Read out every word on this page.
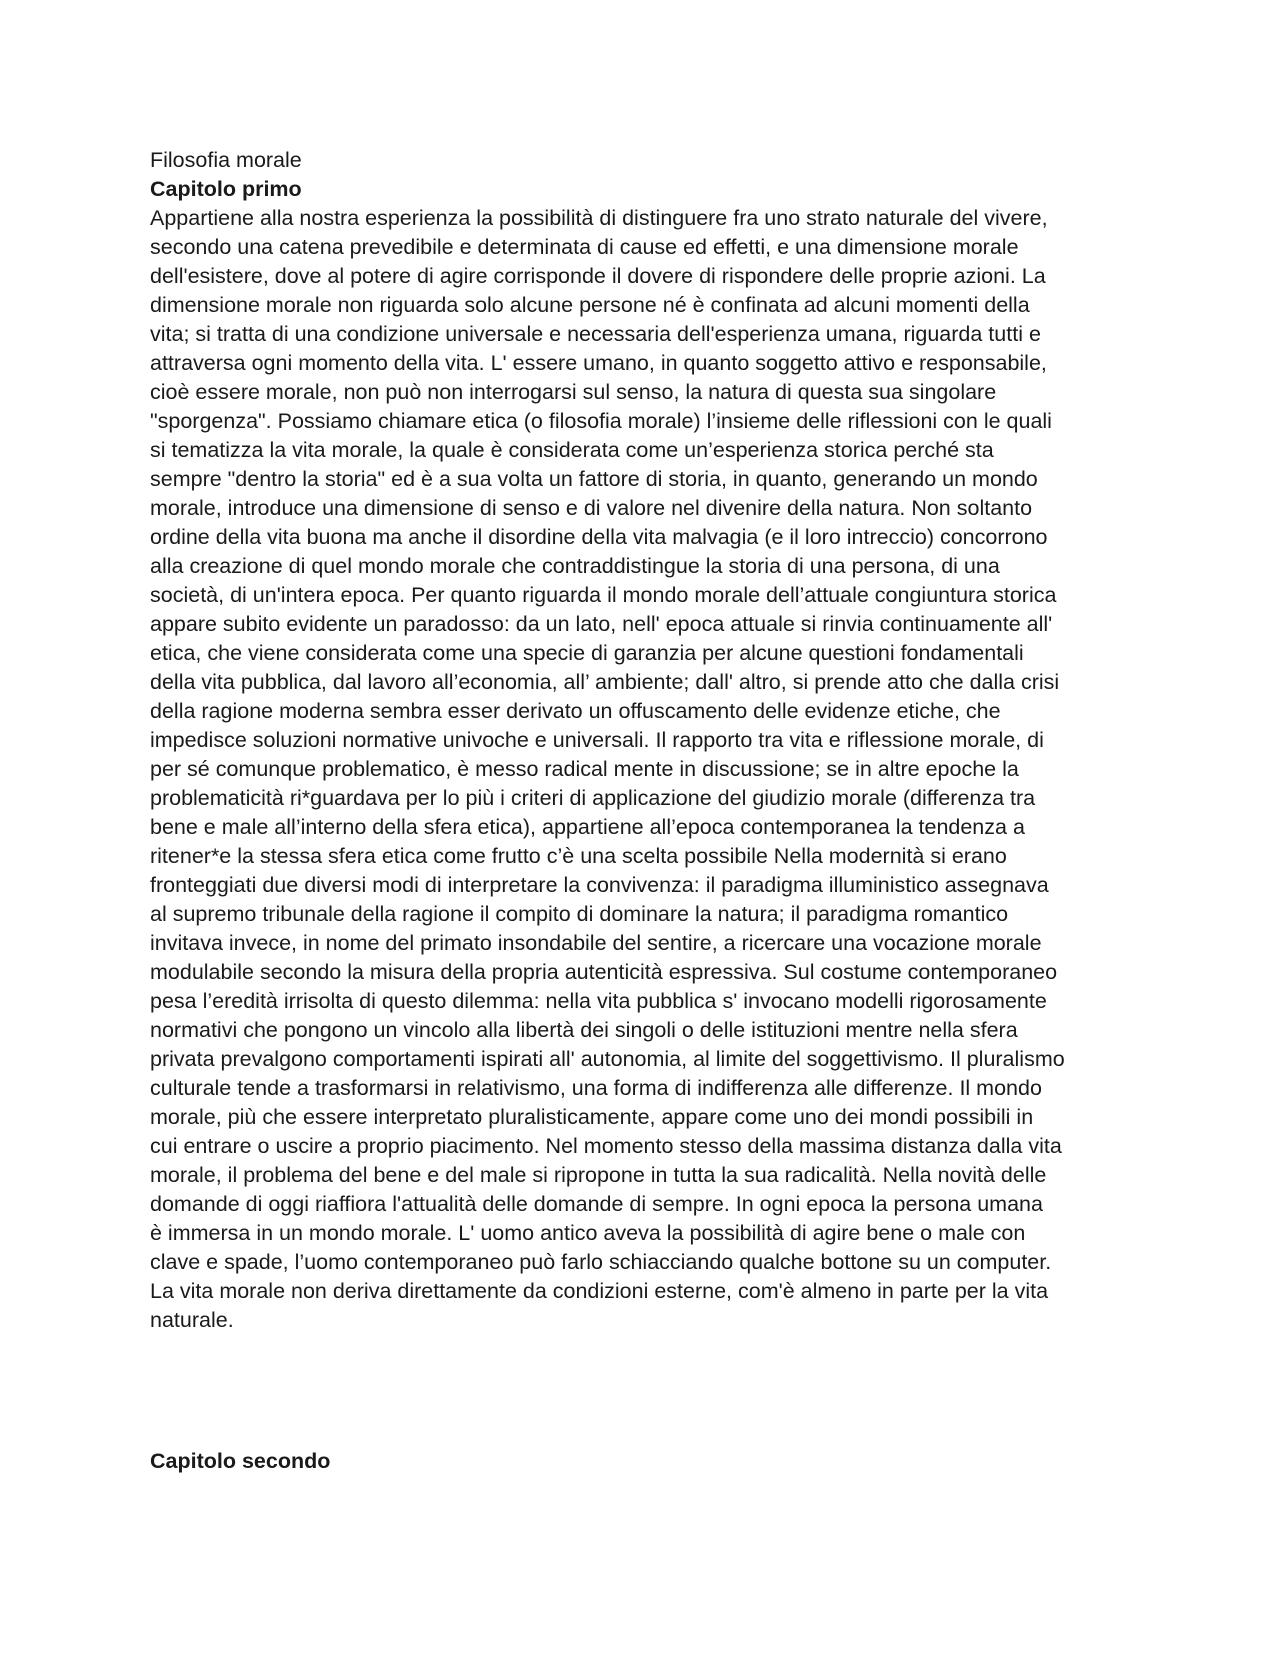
Filosofia morale

Capitolo primo

Appartiene alla nostra esperienza la possibilità di distinguere fra uno strato naturale del vivere,
secondo una catena prevedibile e determinata di cause ed effetti, e una dimensione morale
dell'esistere, dove al potere di agire corrisponde il dovere di rispondere delle proprie azioni. La
dimensione morale non riguarda solo alcune persone né è confinata ad alcuni momenti della
vita; si tratta di una condizione universale e necessaria dell'esperienza umana, riguarda tutti e
attraversa ogni momento della vita. L' essere umano, in quanto soggetto attivo e responsabile,
cioè essere morale, non può non interrogarsi sul senso, la natura di questa sua singolare
"sporgenza". Possiamo chiamare etica (o filosofia morale) l’insieme delle riflessioni con le quali
si tematizza la vita morale, la quale è considerata come un’esperienza storica perché sta
sempre "dentro la storia" ed è a sua volta un fattore di storia, in quanto, generando un mondo
morale, introduce una dimensione di senso e di valore nel divenire della natura. Non soltanto
ordine della vita buona ma anche il disordine della vita malvagia (e il loro intreccio) concorrono
alla creazione di quel mondo morale che contraddistingue la storia di una persona, di una
società, di un'intera epoca. Per quanto riguarda il mondo morale dell’attuale congiuntura storica
appare subito evidente un paradosso: da un lato, nell' epoca attuale si rinvia continuamente all'
etica, che viene considerata come una specie di garanzia per alcune questioni fondamentali
della vita pubblica, dal lavoro all’economia, all’ ambiente; dall' altro, si prende atto che dalla crisi
della ragione moderna sembra esser derivato un offuscamento delle evidenze etiche, che
impedisce soluzioni normative univoche e universali. Il rapporto tra vita e riflessione morale, di
per sé comunque problematico, è messo radical mente in discussione; se in altre epoche la
problematicità ri*guardava per lo più i criteri di applicazione del giudizio morale (differenza tra
bene e male all’interno della sfera etica), appartiene all’epoca contemporanea la tendenza a
ritener*e la stessa sfera etica come frutto c’è una scelta possibile Nella modernità si erano
fronteggiati due diversi modi di interpretare la convivenza: il paradigma illuministico assegnava
al supremo tribunale della ragione il compito di dominare la natura; il paradigma romantico
invitava invece, in nome del primato insondabile del sentire, a ricercare una vocazione morale
modulabile secondo la misura della propria autenticità espressiva. Sul costume contemporaneo
pesa l’eredità irrisolta di questo dilemma: nella vita pubblica s' invocano modelli rigorosamente
normativi che pongono un vincolo alla libertà dei singoli o delle istituzioni mentre nella sfera
privata prevalgono comportamenti ispirati all' autonomia, al limite del soggettivismo. Il pluralismo
culturale tende a trasformarsi in relativismo, una forma di indifferenza alle differenze. Il mondo
morale, più che essere interpretato pluralisticamente, appare come uno dei mondi possibili in
cui entrare o uscire a proprio piacimento. Nel momento stesso della massima distanza dalla vita
morale, il problema del bene e del male si ripropone in tutta la sua radicalità. Nella novità delle
domande di oggi riaffiora l'attualità delle domande di sempre. In ogni epoca la persona umana
è immersa in un mondo morale. L' uomo antico aveva la possibilità di agire bene o male con
clave e spade, l’uomo contemporaneo può farlo schiacciando qualche bottone su un computer.
La vita morale non deriva direttamente da condizioni esterne, com'è almeno in parte per la vita
naturale.

Capitolo secondo
